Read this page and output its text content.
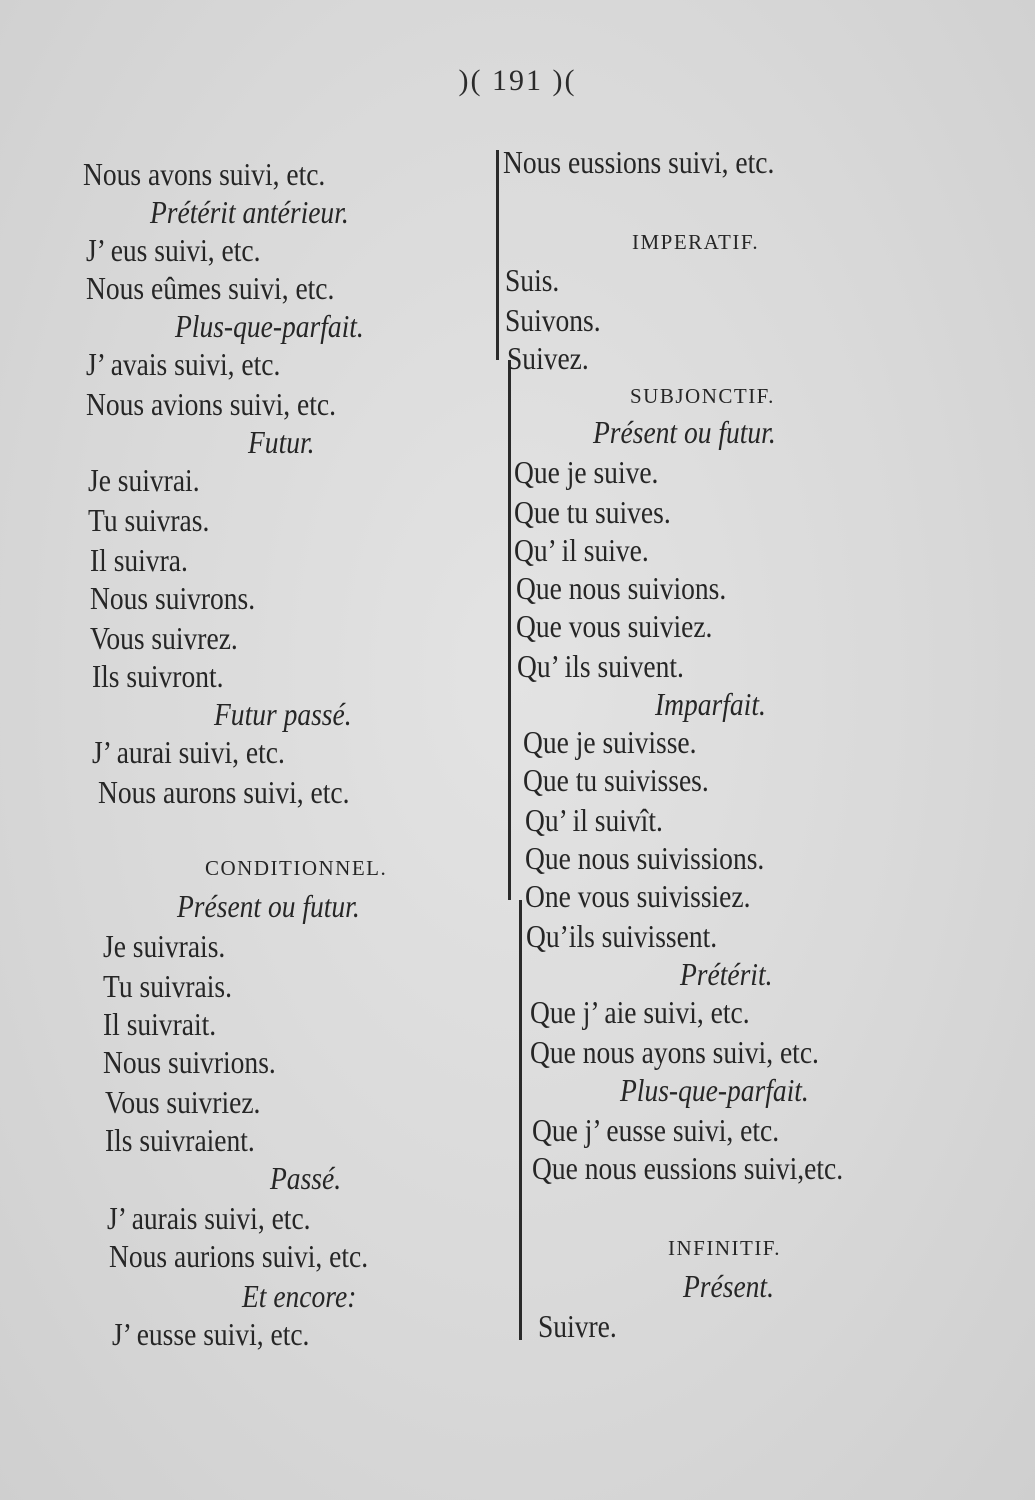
)( 191 )(
Nous avons suivi, etc.
Prétérit antérieur.
J’ eus suivi, etc.
Nous eûmes suivi, etc.
Plus-que-parfait.
J’ avais suivi, etc.
Nous avions suivi, etc.
Futur.
Je suivrai.
Tu suivras.
Il suivra.
Nous suivrons.
Vous suivrez.
Ils suivront.
Futur passé.
J’ aurai suivi, etc.
Nous aurons suivi, etc.
CONDITIONNEL.
Présent ou futur.
Je suivrais.
Tu suivrais.
Il suivrait.
Nous suivrions.
Vous suivriez.
Ils suivraient.
Passé.
J’ aurais suivi, etc.
Nous aurions suivi, etc.
Et encore:
J’ eusse suivi, etc.
Nous eussions suivi, etc.
IMPERATIF.
Suis.
Suivons.
Suivez.
SUBJONCTIF.
Présent ou futur.
Que je suive.
Que tu suives.
Qu’ il suive.
Que nous suivions.
Que vous suiviez.
Qu’ ils suivent.
Imparfait.
Que je suivisse.
Que tu suivisses.
Qu’ il suivît.
Que nous suivissions.
One vous suivissiez.
Qu’ils suivissent.
Prétérit.
Que j’ aie suivi, etc.
Que nous ayons suivi, etc.
Plus-que-parfait.
Que j’ eusse suivi, etc.
Que nous eussions suivi,etc.
INFINITIF.
Présent.
Suivre.
